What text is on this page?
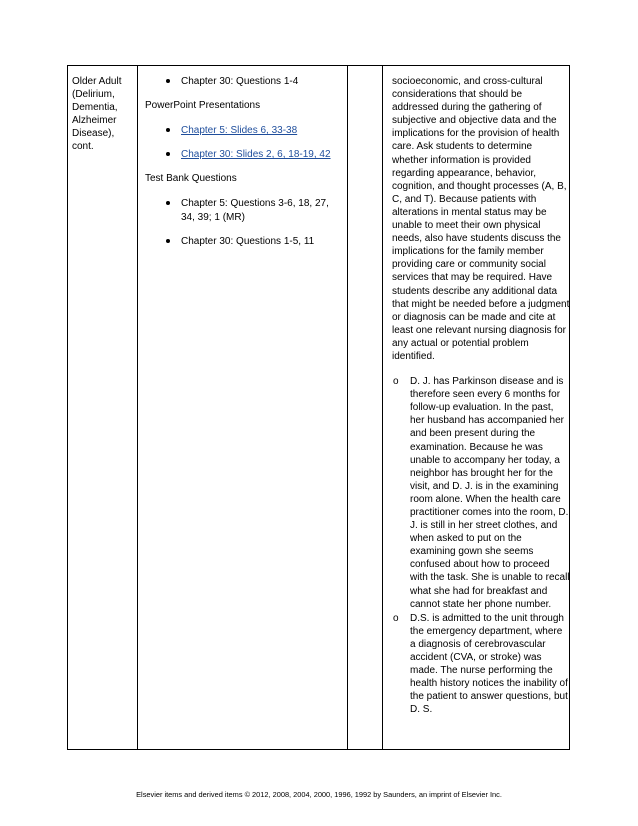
Older Adult (Delirium, Dementia, Alzheimer Disease), cont.
Chapter 30: Questions 1-4
PowerPoint Presentations
Chapter 5: Slides 6, 33-38
Chapter 30: Slides 2, 6, 18-19, 42
Test Bank Questions
Chapter 5: Questions 3-6, 18, 27, 34, 39; 1 (MR)
Chapter 30: Questions 1-5, 11

socioeconomic, and cross-cultural considerations that should be addressed during the gathering of subjective and objective data and the implications for the provision of health care. Ask students to determine whether information is provided regarding appearance, behavior, cognition, and thought processes (A, B, C, and T). Because patients with alterations in mental status may be unable to meet their own physical needs, also have students discuss the implications for the family member providing care or community social services that may be required. Have students describe any additional data that might be needed before a judgment or diagnosis can be made and cite at least one relevant nursing diagnosis for any actual or potential problem identified.

o D. J. has Parkinson disease and is therefore seen every 6 months for follow-up evaluation. In the past, her husband has accompanied her and been present during the examination. Because he was unable to accompany her today, a neighbor has brought her for the visit, and D. J. is in the examining room alone. When the health care practitioner comes into the room, D. J. is still in her street clothes, and when asked to put on the examining gown she seems confused about how to proceed with the task. She is unable to recall what she had for breakfast and cannot state her phone number.
o D.S. is admitted to the unit through the emergency department, where a diagnosis of cerebrovascular accident (CVA, or stroke) was made. The nurse performing the health history notices the inability of the patient to answer questions, but D. S.
Elsevier items and derived items © 2012, 2008, 2004, 2000, 1996, 1992 by Saunders, an imprint of Elsevier Inc.
